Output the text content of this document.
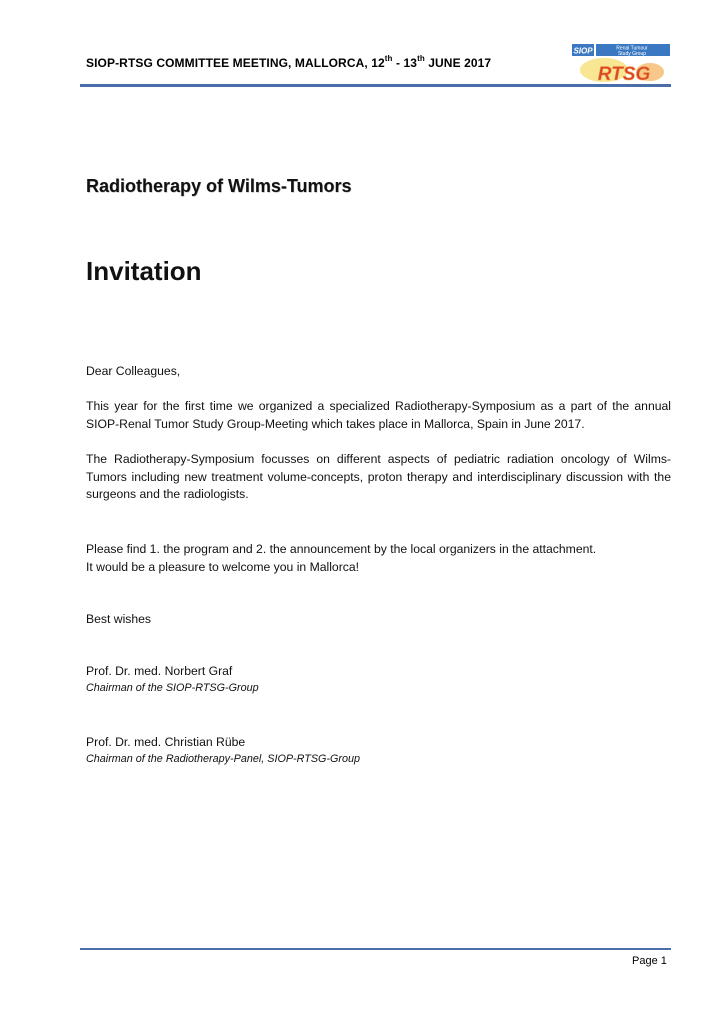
SIOP-RTSG COMMITTEE MEETING, MALLORCA, 12th - 13th JUNE 2017
SIOP	Renal Tumour
Study Group
RTSG
Radiotherapy of Wilms-Tumors
Invitation
Dear Colleagues,
This year for the first time we organized a specialized Radiotherapy-Symposium as a part of the annual SIOP-Renal Tumor Study Group-Meeting which takes place in Mallorca, Spain in June 2017.
The Radiotherapy-Symposium focusses on different aspects of pediatric radiation oncology of Wilms-Tumors including new treatment volume-concepts, proton therapy and interdisciplinary discussion with the surgeons and the radiologists.
Please find 1. the program and 2. the announcement by the local organizers in the attachment.
It would be a pleasure to welcome you in Mallorca!
Best wishes
Prof. Dr. med. Norbert Graf
Chairman of the SIOP-RTSG-Group
Prof. Dr. med. Christian Rübe
Chairman of the Radiotherapy-Panel, SIOP-RTSG-Group
Page 1
